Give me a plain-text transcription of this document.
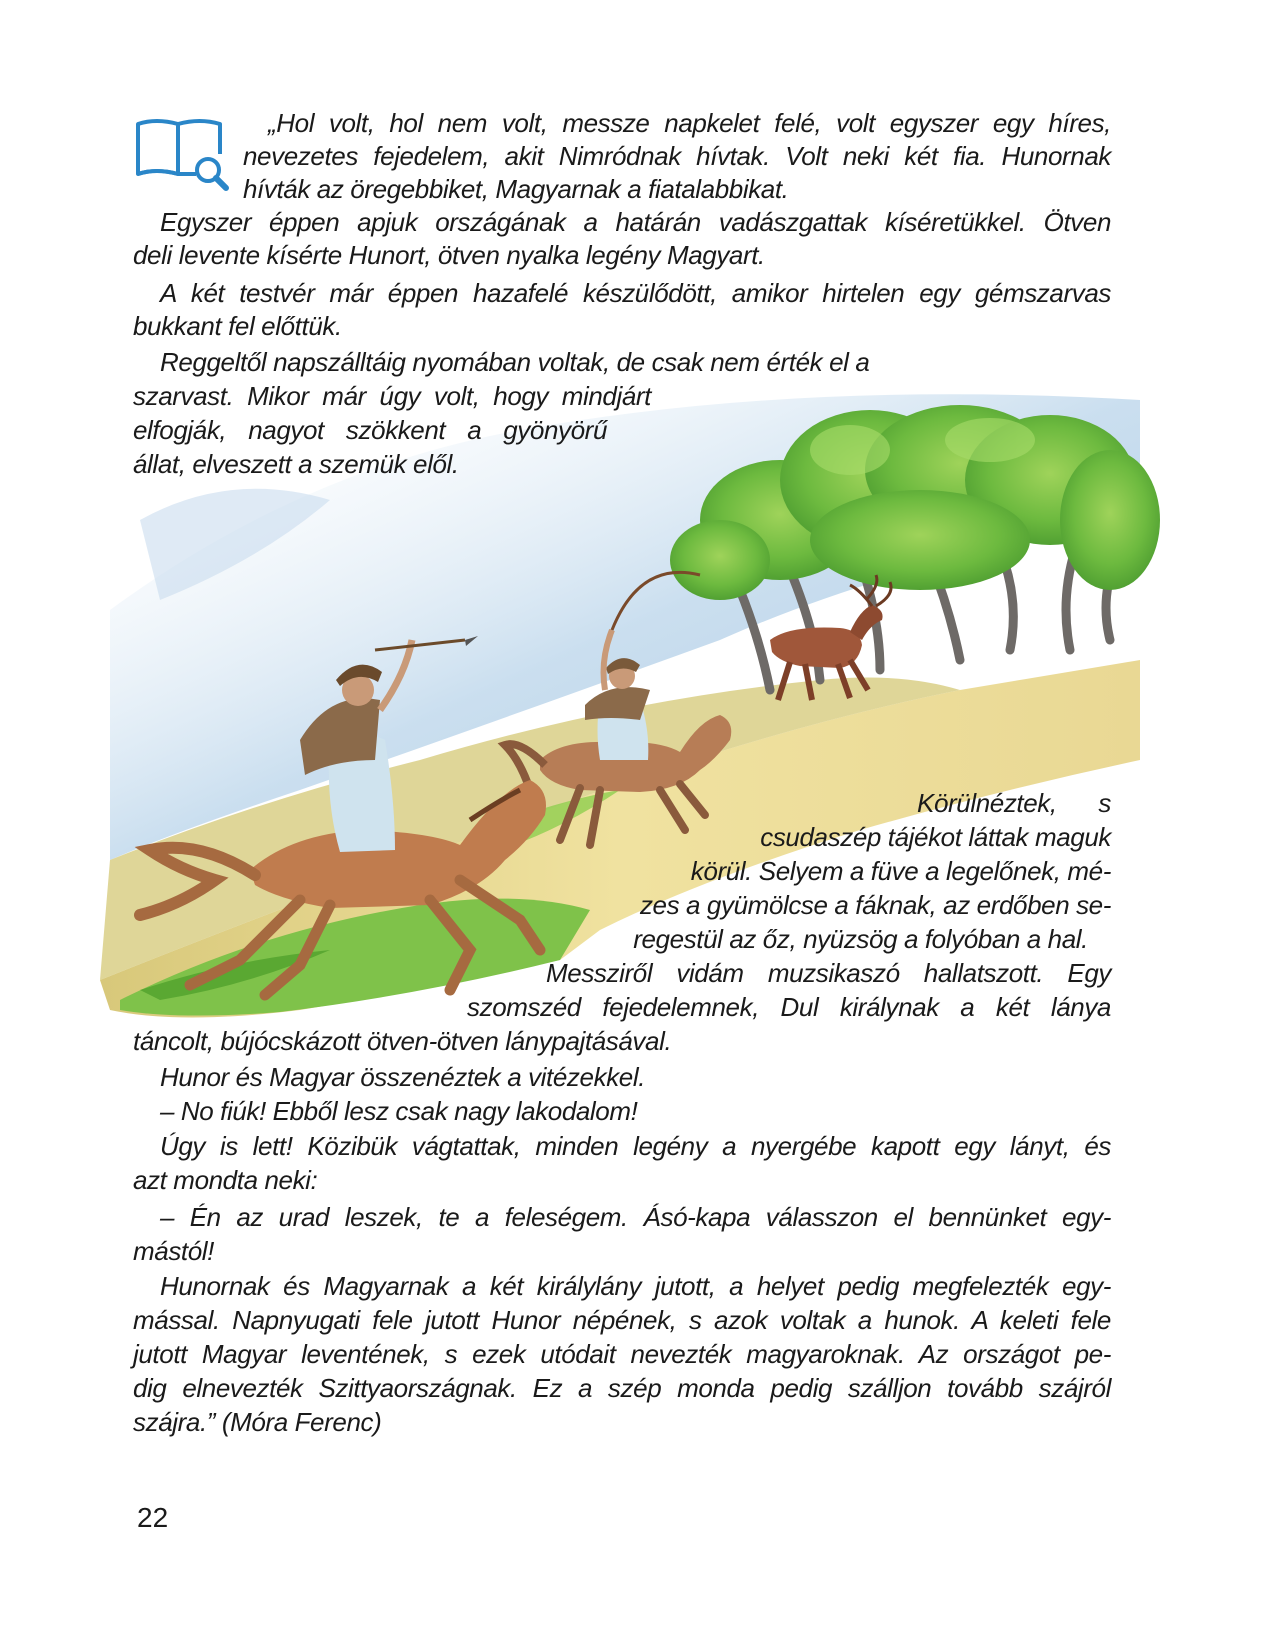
„Hol volt, hol nem volt, messze napkelet felé, volt egyszer egy híres,
nevezetes fejedelem, akit Nimródnak hívtak. Volt neki két fia. Hunornak
hívták az öregebbiket, Magyarnak a fiatalabbikat.
Egyszer éppen apjuk országának a határán vadászgattak kíséretükkel. Ötven
deli levente kísérte Hunort, ötven nyalka legény Magyart.
A két testvér már éppen hazafelé készülődött, amikor hirtelen egy gémszarvas
bukkant fel előttük.
Reggeltől napszálltáig nyomában voltak, de csak nem érték el a
szarvast. Mikor már úgy volt, hogy mindjárt
elfogják, nagyot szökkent a gyönyörű
állat, elveszett a szemük elől.
Körülnéztek, s
csudaszép tájékot láttak maguk
körül. Selyem a füve a legelőnek, mé-
zes a gyümölcse a fáknak, az erdőben se-
regestül az őz, nyüzsög a folyóban a hal.
Messziről vidám muzsikaszó hallatszott. Egy
szomszéd fejedelemnek, Dul királynak a két lánya
táncolt, bújócskázott ötven-ötven lánypajtásával.
Hunor és Magyar összenéztek a vitézekkel.
– No fiúk! Ebből lesz csak nagy lakodalom!
Úgy is lett! Közibük vágtattak, minden legény a nyergébe kapott egy lányt, és
azt mondta neki:
– Én az urad leszek, te a feleségem. Ásó-kapa válasszon el bennünket egy-
mástól!
Hunornak és Magyarnak a két királylány jutott, a helyet pedig megfelezték egy-
mással. Napnyugati fele jutott Hunor népének, s azok voltak a hunok. A keleti fele
jutott Magyar leventének, s ezek utódait nevezték magyaroknak. Az országot pe-
dig elnevezték Szittyaországnak. Ez a szép monda pedig szálljon tovább szájról
szájra.” (Móra Ferenc)
22
